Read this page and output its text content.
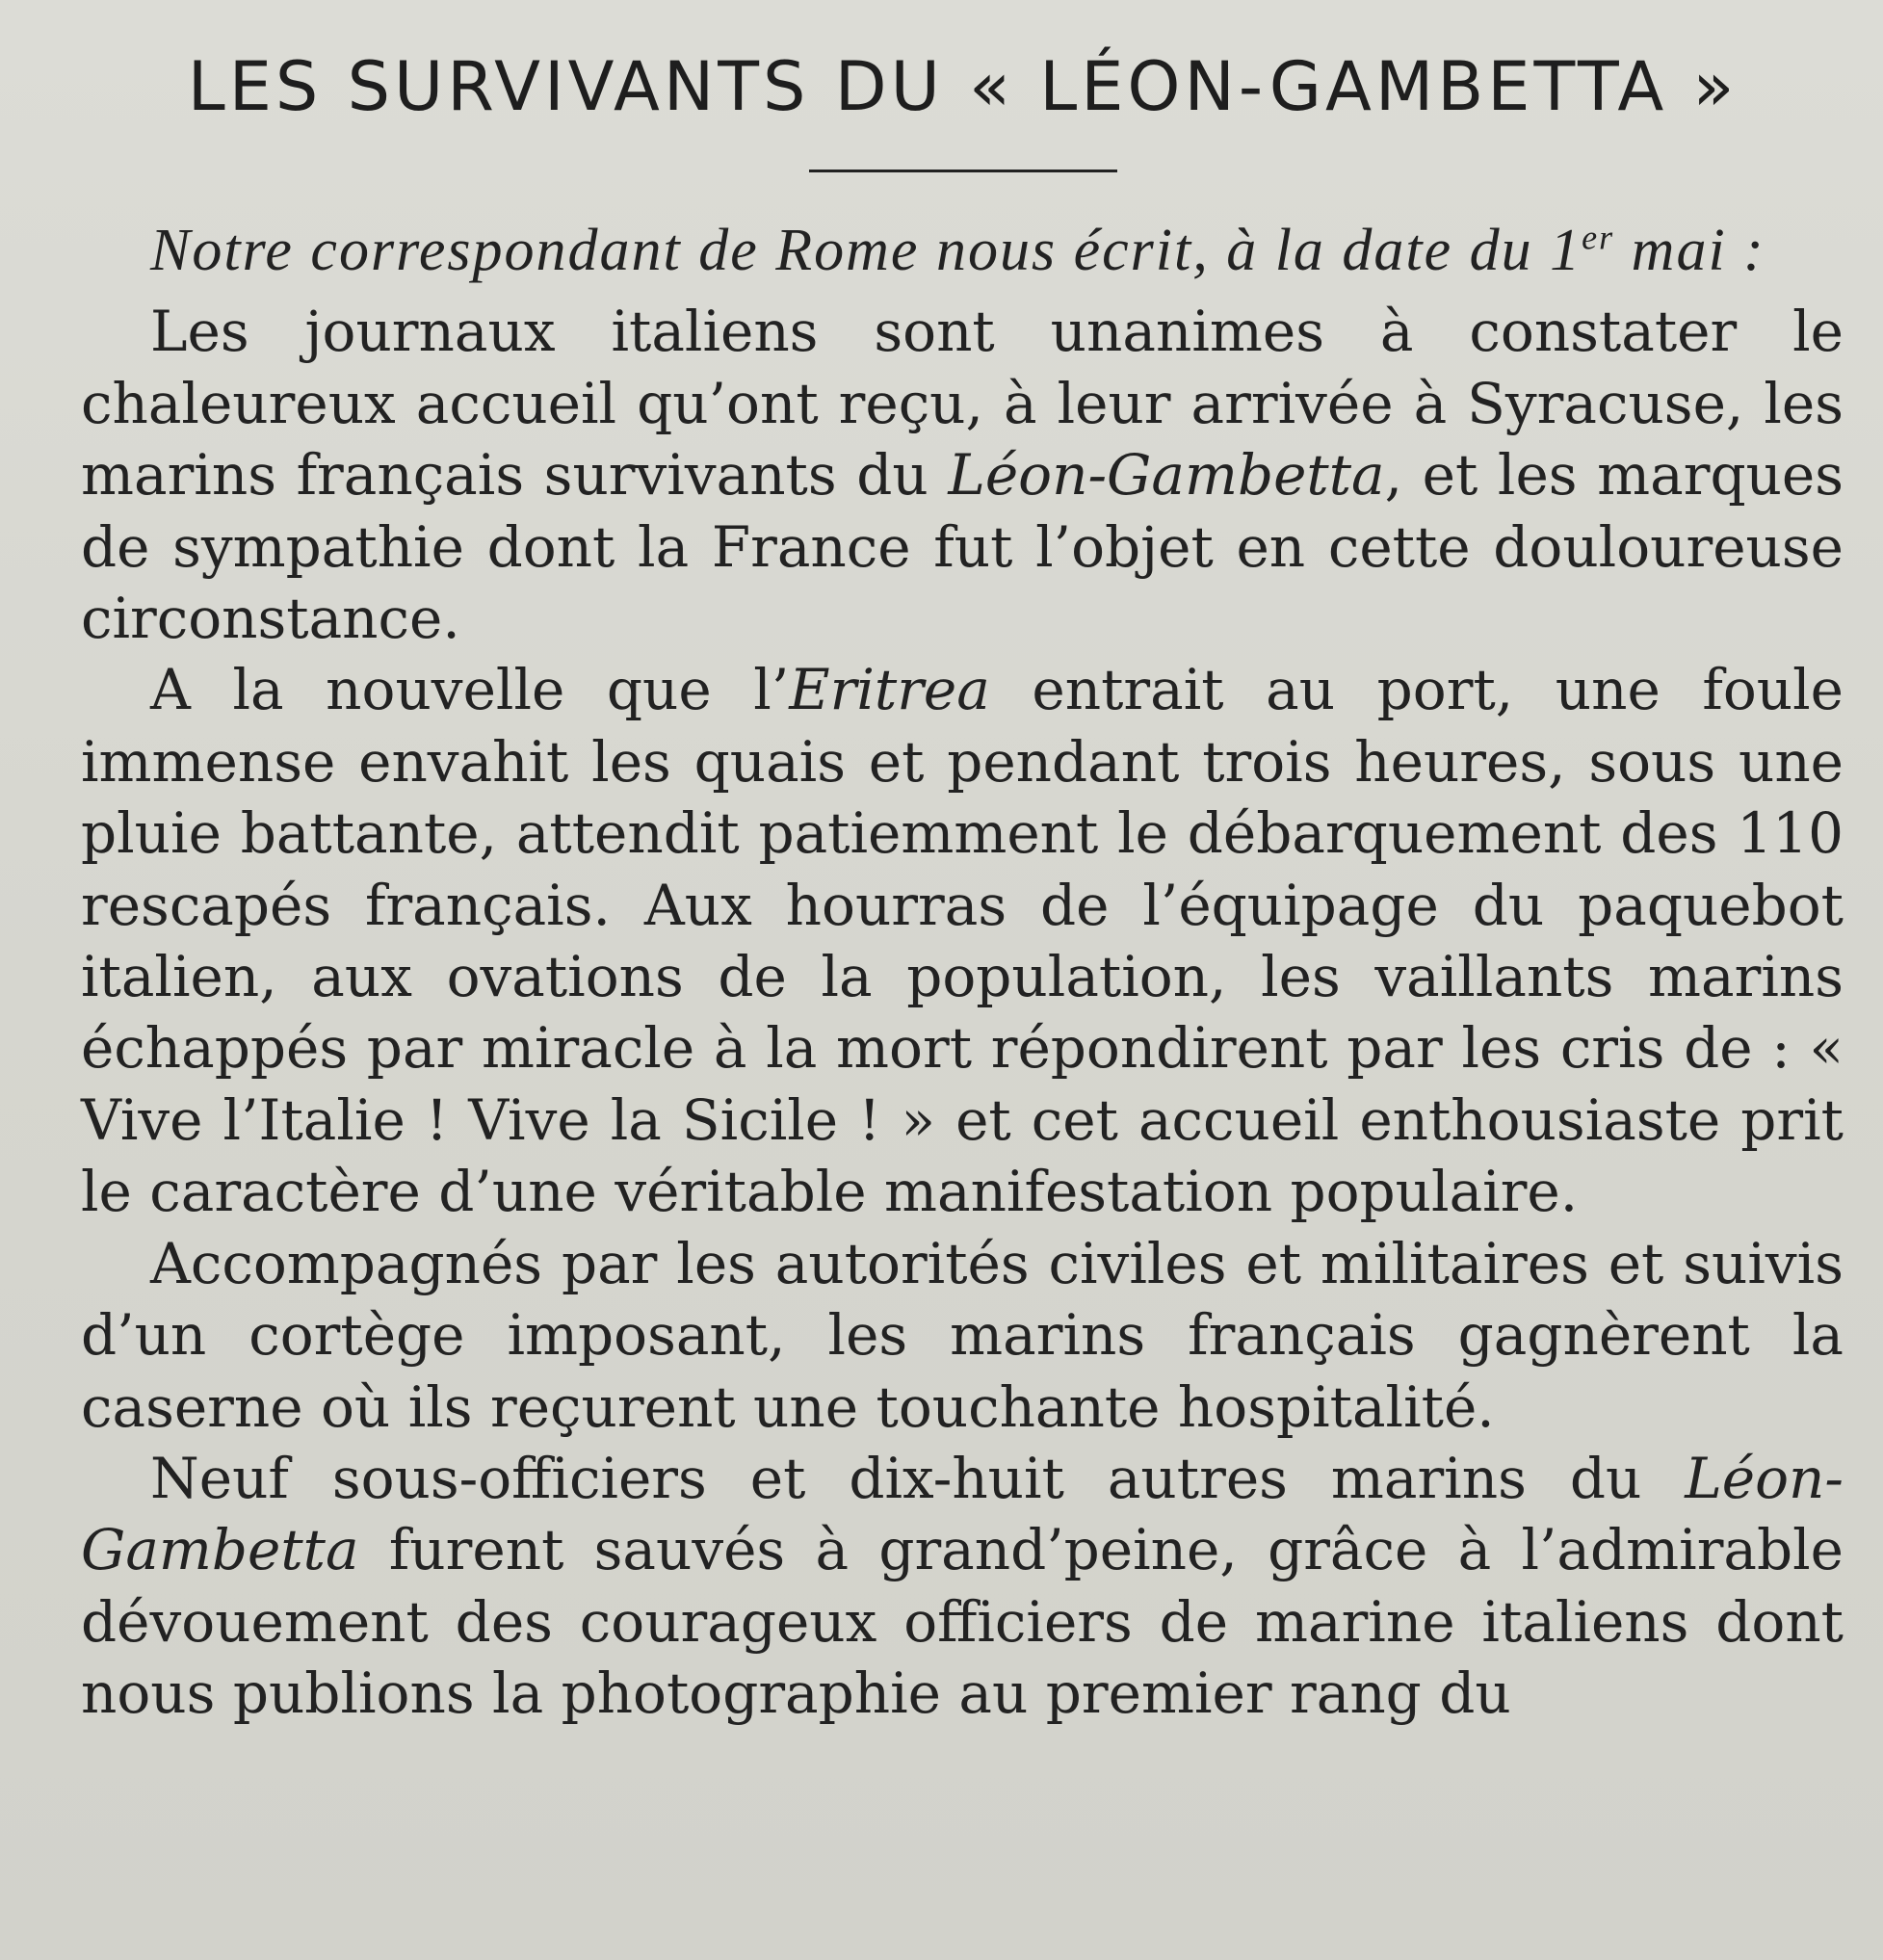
LES SURVIVANTS DU « LÉON-GAMBETTA »

Notre correspondant de Rome nous écrit, à la date du 1er mai :

Les journaux italiens sont unanimes à constater le chaleureux accueil qu’ont reçu, à leur arrivée à Syracuse, les marins français survivants du Léon-Gambetta, et les marques de sympathie dont la France fut l’objet en cette douloureuse circonstance.

A la nouvelle que l’Eritrea entrait au port, une foule immense envahit les quais et pendant trois heures, sous une pluie battante, attendit patiemment le débarquement des 110 rescapés français. Aux hourras de l’équipage du paquebot italien, aux ovations de la population, les vaillants marins échappés par miracle à la mort répondirent par les cris de : « Vive l’Italie ! Vive la Sicile ! » et cet accueil enthousiaste prit le caractère d’une véritable manifestation populaire.

Accompagnés par les autorités civiles et militaires et suivis d’un cortège imposant, les marins français gagnèrent la caserne où ils reçurent une touchante hospitalité.

Neuf sous-officiers et dix-huit autres marins du Léon-Gambetta furent sauvés à grand’peine, grâce à l’admirable dévouement des courageux officiers de marine italiens dont nous publions la photographie au premier rang du
